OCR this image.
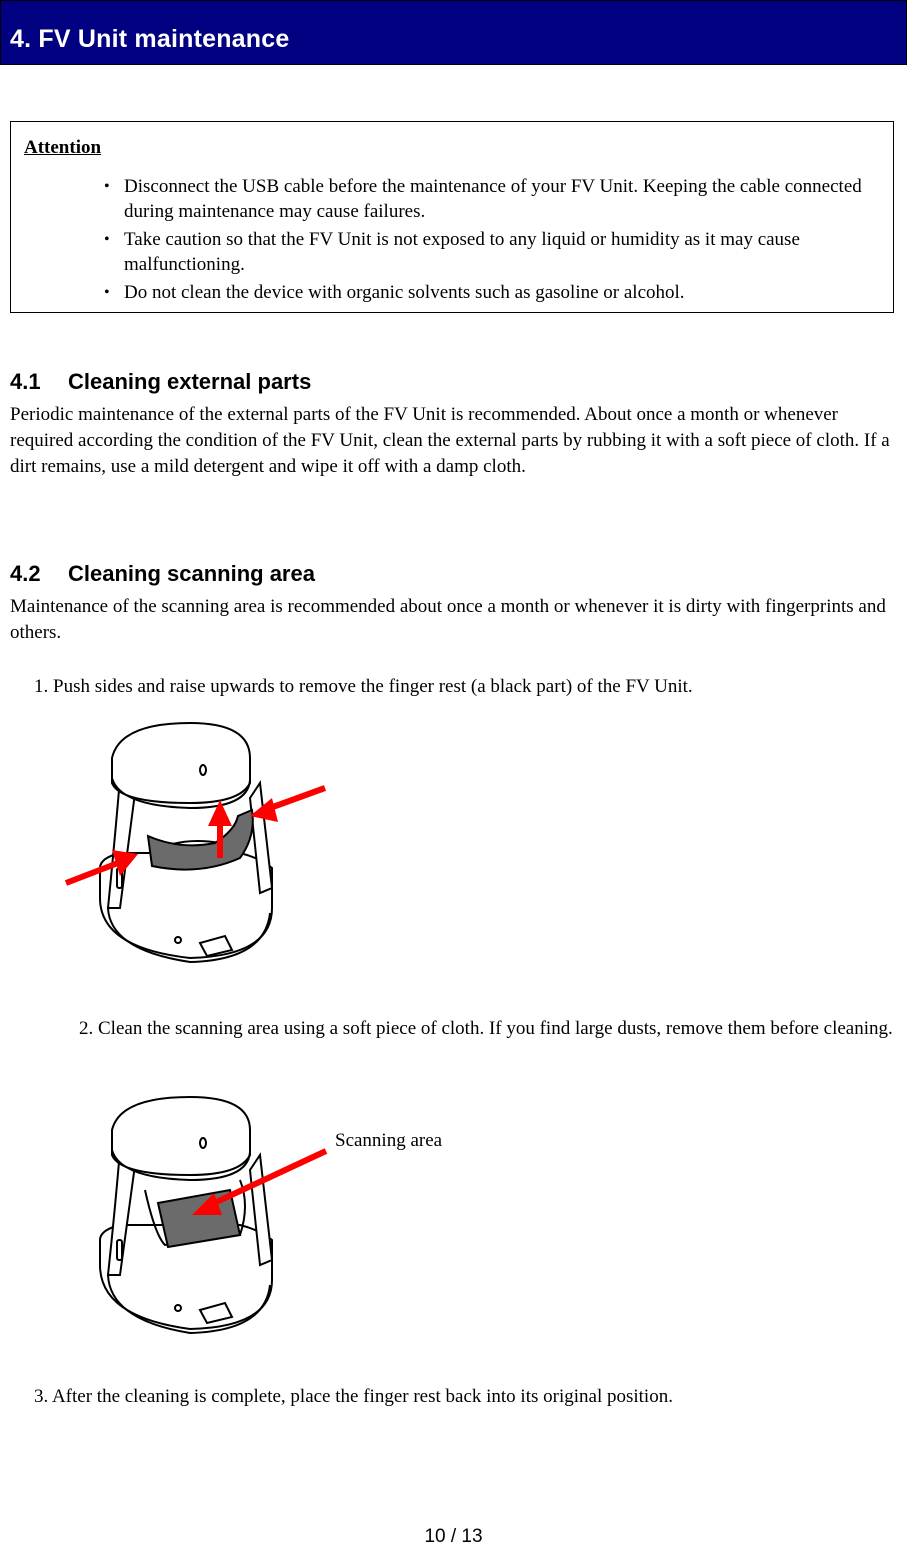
4. FV Unit maintenance
Attention
• Disconnect the USB cable before the maintenance of your FV Unit. Keeping the cable connected during maintenance may cause failures.
• Take caution so that the FV Unit is not exposed to any liquid or humidity as it may cause malfunctioning.
• Do not clean the device with organic solvents such as gasoline or alcohol.
4.1 Cleaning external parts
Periodic maintenance of the external parts of the FV Unit is recommended. About once a month or whenever required according the condition of the FV Unit, clean the external parts by rubbing it with a soft piece of cloth. If a dirt remains, use a mild detergent and wipe it off with a damp cloth.
4.2 Cleaning scanning area
Maintenance of the scanning area is recommended about once a month or whenever it is dirty with fingerprints and others.
1. Push sides and raise upwards to remove the finger rest (a black part) of the FV Unit.
2. Clean the scanning area using a soft piece of cloth. If you find large dusts, remove them before cleaning.
Scanning area
3. After the cleaning is complete, place the finger rest back into its original position.
10 / 13
